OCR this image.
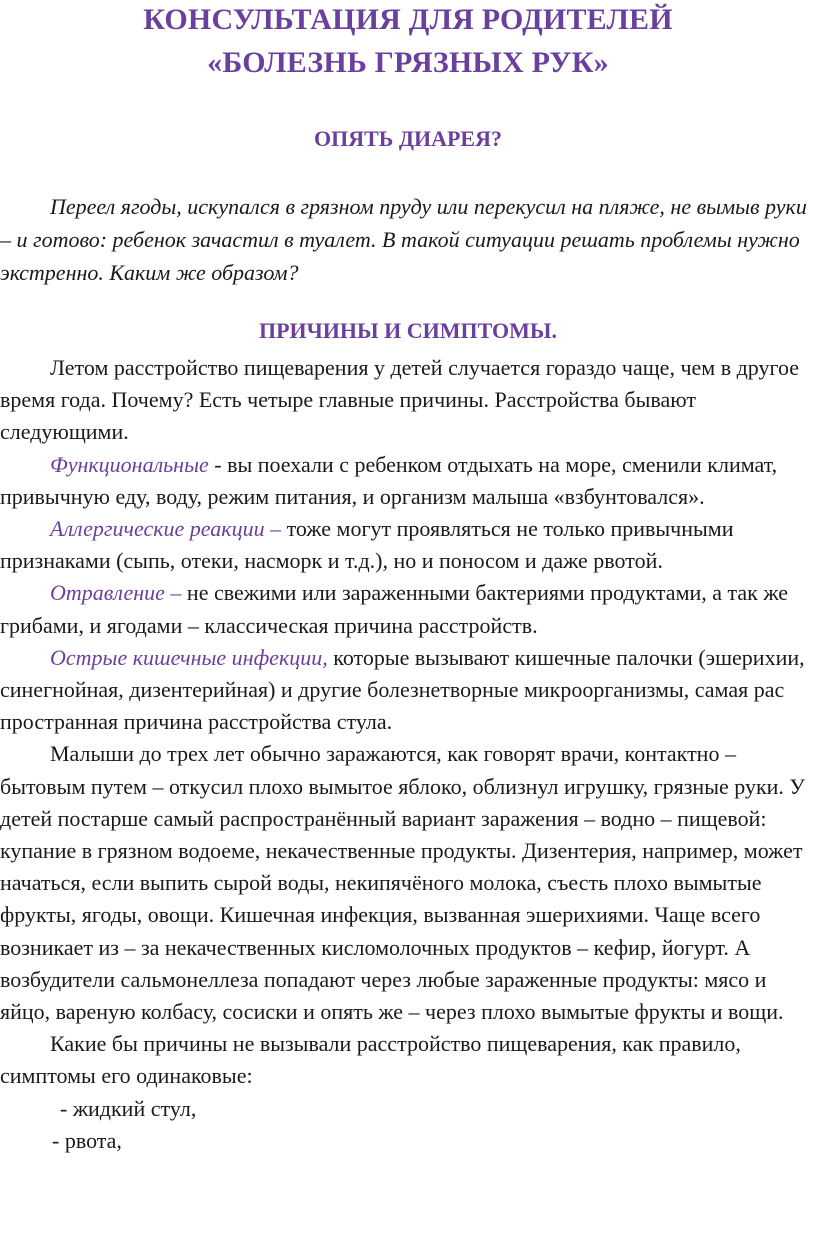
КОНСУЛЬТАЦИЯ ДЛЯ РОДИТЕЛЕЙ
«БОЛЕЗНЬ ГРЯЗНЫХ РУК»
ОПЯТЬ ДИАРЕЯ?

Переел ягоды, искупался в грязном пруду или перекусил на пляже, не вымыв руки – и готово: ребенок зачастил в туалет. В такой ситуации решать проблемы нужно экстренно. Каким же образом?

ПРИЧИНЫ И СИМПТОМЫ.

Летом расстройство пищеварения у детей случается гораздо чаще, чем в другое время года. Почему? Есть четыре главные причины. Расстройства бывают следующими.

Функциональные - вы поехали с ребенком отдыхать на море, сменили климат, привычную еду, воду, режим питания, и организм малыша «взбунтовался».

Аллергические реакции – тоже могут проявляться не только привычными признаками (сыпь, отеки, насморк и т.д.), но и поносом и даже рвотой.

Отравление – не свежими или зараженными бактериями продуктами, а так же грибами, и ягодами – классическая причина расстройств.

Острые кишечные инфекции, которые вызывают кишечные палочки (эшерихии, синегнойная, дизентерийная) и другие болезнетворные микроорганизмы, самая рас пространная причина расстройства стула.

Малыши до трех лет обычно заражаются, как говорят врачи, контактно – бытовым путем – откусил плохо вымытое яблоко, облизнул игрушку, грязные руки. У детей постарше самый распространённый вариант заражения – водно – пищевой: купание в грязном водоеме, некачественные продукты. Дизентерия, например, может начаться, если выпить сырой воды, некипячёного молока, съесть плохо вымытые фрукты, ягоды, овощи. Кишечная инфекция, вызванная эшерихиями. Чаще всего возникает из – за некачественных кисломолочных продуктов – кефир, йогурт. А возбудители сальмонеллеза попадают через любые зараженные продукты: мясо и яйцо, вареную колбасу, сосиски и опять же – через плохо вымытые фрукты и вощи.

Какие бы причины не вызывали расстройство пищеварения, как правило, симптомы его одинаковые:

- жидкий стул,

- рвота,
